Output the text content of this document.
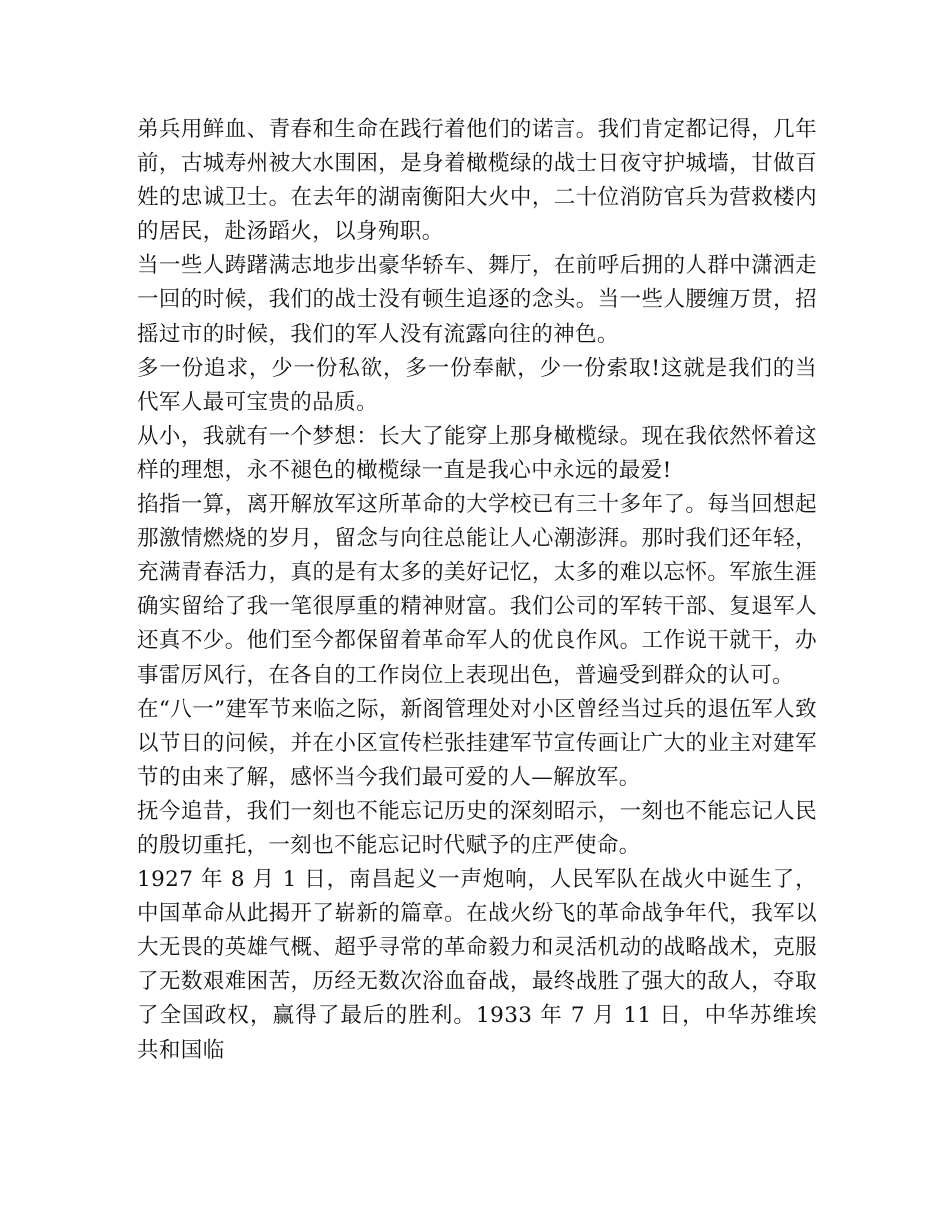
弟兵用鲜血、青春和生命在践行着他们的诺言。我们肯定都记得，几年前，古城寿州被大水围困，是身着橄榄绿的战士日夜守护城墙，甘做百姓的忠诚卫士。在去年的湖南衡阳大火中，二十位消防官兵为营救楼内的居民，赴汤蹈火，以身殉职。

当一些人踌躇满志地步出豪华轿车、舞厅，在前呼后拥的人群中潇洒走一回的时候，我们的战士没有顿生追逐的念头。当一些人腰缠万贯，招摇过市的时候，我们的军人没有流露向往的神色。

多一份追求，少一份私欲，多一份奉献，少一份索取!这就是我们的当代军人最可宝贵的品质。

从小，我就有一个梦想：长大了能穿上那身橄榄绿。现在我依然怀着这样的理想，永不褪色的橄榄绿一直是我心中永远的最爱!

掐指一算，离开解放军这所革命的大学校已有三十多年了。每当回想起那激情燃烧的岁月，留念与向往总能让人心潮澎湃。那时我们还年轻，充满青春活力，真的是有太多的美好记忆，太多的难以忘怀。军旅生涯确实留给了我一笔很厚重的精神财富。我们公司的军转干部、复退军人还真不少。他们至今都保留着革命军人的优良作风。工作说干就干，办事雷厉风行，在各自的工作岗位上表现出色，普遍受到群众的认可。

在“八一”建军节来临之际，新阁管理处对小区曾经当过兵的退伍军人致以节日的问候，并在小区宣传栏张挂建军节宣传画让广大的业主对建军节的由来了解，感怀当今我们最可爱的人—解放军。

抚今追昔，我们一刻也不能忘记历史的深刻昭示，一刻也不能忘记人民的殷切重托，一刻也不能忘记时代赋予的庄严使命。

1927 年 8 月 1 日，南昌起义一声炮响，人民军队在战火中诞生了，中国革命从此揭开了崭新的篇章。在战火纷飞的革命战争年代，我军以大无畏的英雄气概、超乎寻常的革命毅力和灵活机动的战略战术，克服了无数艰难困苦，历经无数次浴血奋战，最终战胜了强大的敌人，夺取了全国政权，赢得了最后的胜利。1933 年 7 月 11 日，中华苏维埃共和国临
